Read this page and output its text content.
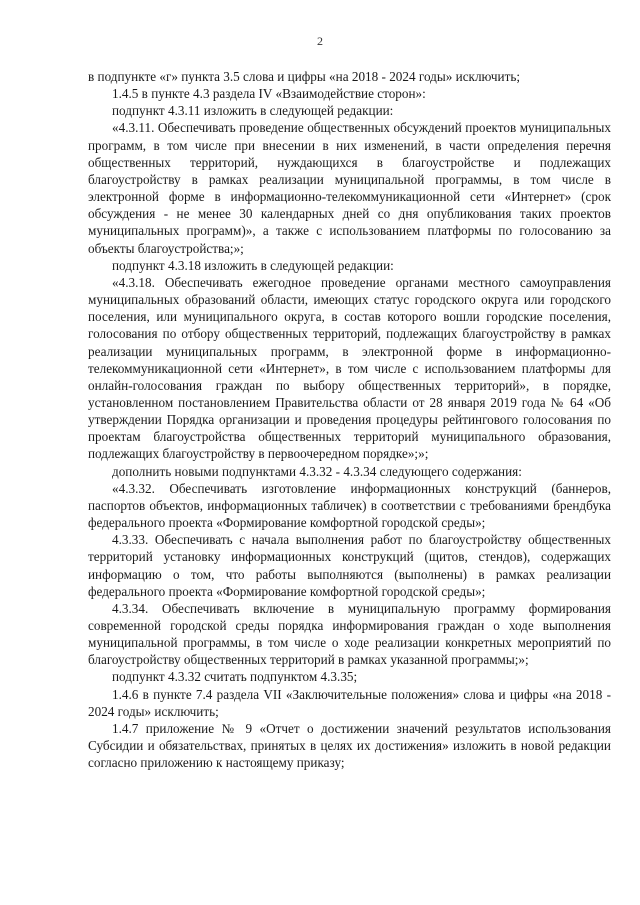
2

в подпункте «г» пункта 3.5 слова и цифры «на 2018 - 2024 годы» исключить;

1.4.5 в пункте 4.3 раздела IV «Взаимодействие сторон»:

подпункт 4.3.11 изложить в следующей редакции:

«4.3.11. Обеспечивать проведение общественных обсуждений проектов муниципальных программ, в том числе при внесении в них изменений, в части определения перечня общественных территорий, нуждающихся в благоустройстве и подлежащих благоустройству в рамках реализации муниципальной программы, в том числе в электронной форме в информационно-телекоммуникационной сети «Интернет» (срок обсуждения - не менее 30 календарных дней со дня опубликования таких проектов муниципальных программ)», а также с использованием платформы по голосованию за объекты благоустройства;»;

подпункт 4.3.18 изложить в следующей редакции:

«4.3.18. Обеспечивать ежегодное проведение органами местного самоуправления муниципальных образований области, имеющих статус городского округа или городского поселения, или муниципального округа, в состав которого вошли городские поселения, голосования по отбору общественных территорий, подлежащих благоустройству в рамках реализации муниципальных программ, в электронной форме в информационно-телекоммуникационной сети «Интернет», в том числе с использованием платформы для онлайн-голосования граждан по выбору общественных территорий», в порядке, установленном постановлением Правительства области от 28 января 2019 года № 64 «Об утверждении Порядка организации и проведения процедуры рейтингового голосования по проектам благоустройства общественных территорий муниципального образования, подлежащих благоустройству в первоочередном порядке»;»;

дополнить новыми подпунктами 4.3.32 - 4.3.34 следующего содержания:

«4.3.32. Обеспечивать изготовление информационных конструкций (баннеров, паспортов объектов, информационных табличек) в соответствии с требованиями брендбука федерального проекта «Формирование комфортной городской среды»;

4.3.33. Обеспечивать с начала выполнения работ по благоустройству общественных территорий установку информационных конструкций (щитов, стендов), содержащих информацию о том, что работы выполняются (выполнены) в рамках реализации федерального проекта «Формирование комфортной городской среды»;

4.3.34. Обеспечивать включение в муниципальную программу формирования современной городской среды порядка информирования граждан о ходе выполнения муниципальной программы, в том числе о ходе реализации конкретных мероприятий по благоустройству общественных территорий в рамках указанной программы;»;

подпункт 4.3.32 считать подпунктом 4.3.35;

1.4.6 в пункте 7.4 раздела VII «Заключительные положения» слова и цифры «на 2018 - 2024 годы» исключить;

1.4.7 приложение № 9 «Отчет о достижении значений результатов использования Субсидии и обязательствах, принятых в целях их достижения» изложить в новой редакции согласно приложению к настоящему приказу;
